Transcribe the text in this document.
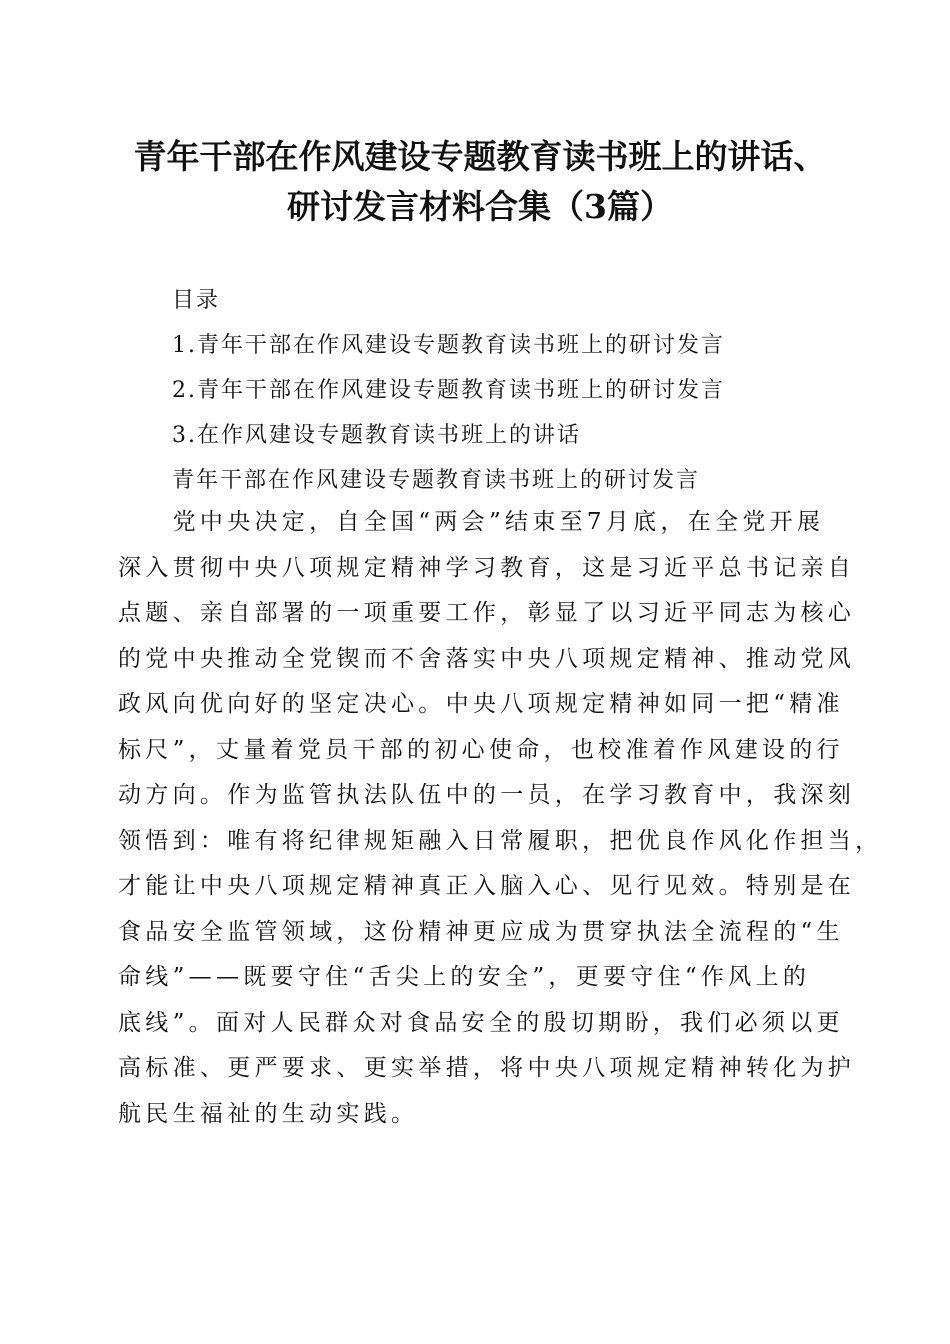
青年干部在作风建设专题教育读书班上的讲话、
研讨发言材料合集（3篇）
目录
1.青年干部在作风建设专题教育读书班上的研讨发言
2.青年干部在作风建设专题教育读书班上的研讨发言
3.在作风建设专题教育读书班上的讲话
青年干部在作风建设专题教育读书班上的研讨发言
　　党中央决定，自全国“两会”结束至7月底，在全党开展
深入贯彻中央八项规定精神学习教育，这是习近平总书记亲自
点题、亲自部署的一项重要工作，彰显了以习近平同志为核心
的党中央推动全党锲而不舍落实中央八项规定精神、推动党风
政风向优向好的坚定决心。中央八项规定精神如同一把“精准
标尺”，丈量着党员干部的初心使命，也校准着作风建设的行
动方向。作为监管执法队伍中的一员，在学习教育中，我深刻
领悟到：唯有将纪律规矩融入日常履职，把优良作风化作担当，
才能让中央八项规定精神真正入脑入心、见行见效。特别是在
食品安全监管领域，这份精神更应成为贯穿执法全流程的“生
命线”——既要守住“舌尖上的安全”，更要守住“作风上的
底线”。面对人民群众对食品安全的殷切期盼，我们必须以更
高标准、更严要求、更实举措，将中央八项规定精神转化为护
航民生福祉的生动实践。
